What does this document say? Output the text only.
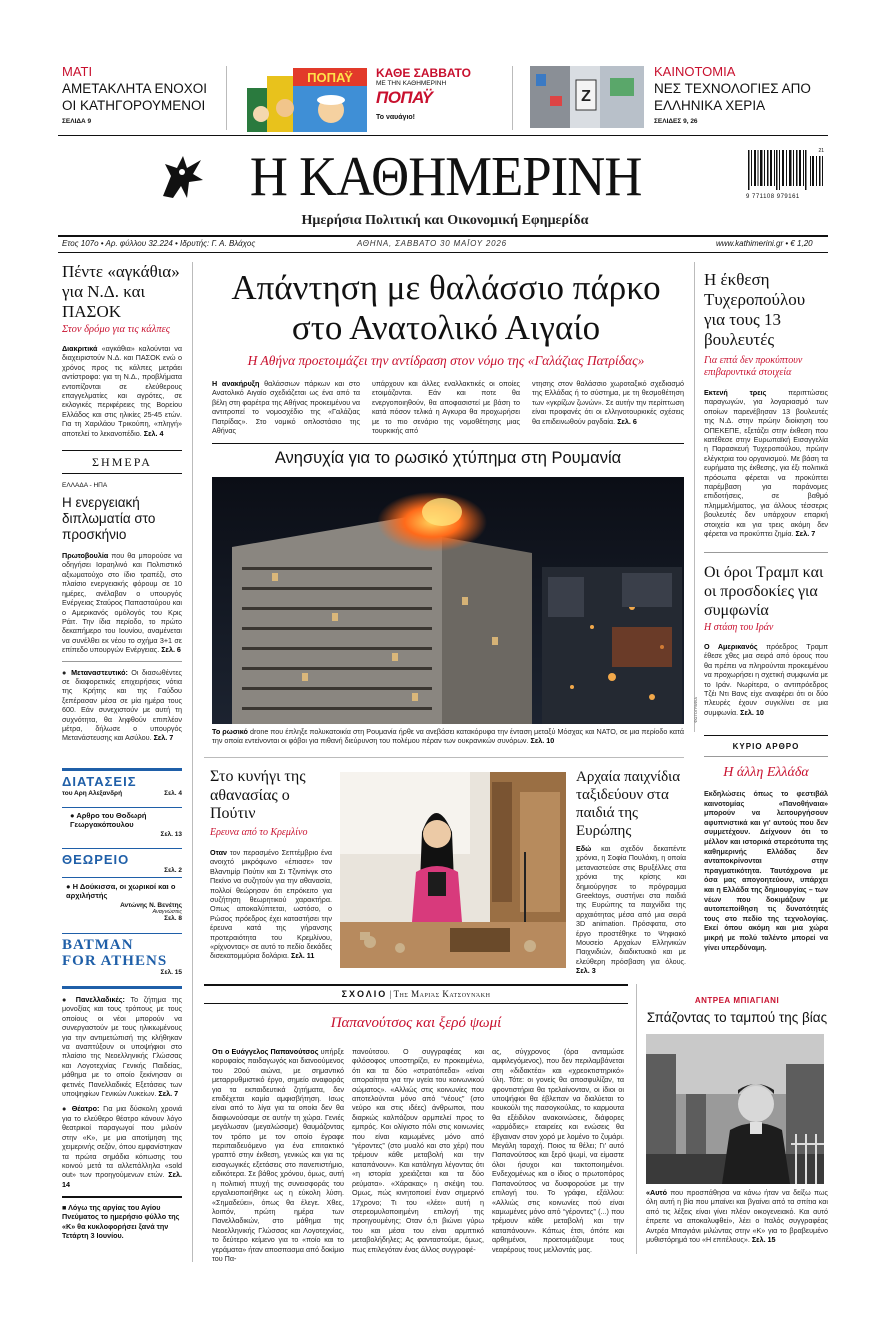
ΜΑΤΙ
ΑΜΕΤΑΚΛΗΤΑ ΕΝΟΧΟΙ ΟΙ ΚΑΤΗΓΟΡΟΥΜΕΝΟΙ
ΣΕΛΙΔΑ 9
ΠΟΠΑΫ ΚΑΘΕ ΣΑΒΒΑΤΟ
ΜΕ ΤΗΝ ΚΑΘΗΜΕΡΙΝΗ
ΠΟΠΑΫ
Το ναυάγιο!
Z
ΚΑΙΝΟΤΟΜΙΑ
ΝΕΣ ΤΕΧΝΟΛΟΓΙΕΣ ΑΠΟ ΕΛΛΗΝΙΚΑ ΧΕΡΙΑ
ΣΕΛΙΔΕΣ 9, 26
Η ΚΑΘΗΜΕΡΙΝΗ
Ημερήσια Πολιτική και Οικονομική Εφημερίδα
21
9 771108 979161
Ετος 107ο • Αρ. φύλλου 32.224 • Ιδρυτής: Γ. Α. Βλάχος	ΑΘΗΝΑ, ΣΑΒΒΑΤΟ 30 ΜΑΪΟΥ 2026	www.kathimerini.gr • € 1,20
Πέντε «αγκάθια» για Ν.Δ. και ΠΑΣΟΚ
Στον δρόμο για τις κάλπες
Διακριτικά «αγκάθια» καλούνται να διαχειριστούν Ν.Δ. και ΠΑΣΟΚ ενώ ο χρόνος προς τις κάλπες μετράει αντίστροφα: για τη Ν.Δ., προβλήματα εντοπίζονται σε ελεύθερους επαγγελματίες και αγρότες, σε εκλογικές περιφέρειες της Βορείου Ελλάδος και στις ηλικίες 25-45 ετών. Για τη Χαριλάου Τρικούπη, «πληγή» αποτελεί το λεκανοπέδιο. Σελ. 4
ΣΗΜΕΡΑ
ΕΛΛΑΔΑ - ΗΠΑ
Η ενεργειακή διπλωματία στο προσκήνιο
Πρωτοβουλία που θα μπορούσε να οδηγήσει Ισραηλινό και Πολιτιστικό αξιωματούχο στο ίδιο τραπέζι, στο πλαίσιο ενεργειακής φόρουμ σε 10 ημέρες, ανέλαβαν ο υπουργός Ενέργειας Σταύρος Παπασταύρου και ο Αμερικανός ομόλογός του Κρις Ράιτ. Την ίδια περίοδο, το πρώτο δεκαπήμερο του Ιουνίου, αναμένεται να συνέλθει εκ νέου το σχήμα 3+1 σε επίπεδο υπουργών Ενέργειας. Σελ. 6
● Μεταναστευτικό: Οι διασωθέντες σε διαφορετικές επιχειρήσεις νότια της Κρήτης και της Γαύδου ξεπέρασαν μέσα σε μία ημέρα τους 600. Εάν συνεχιστούν με αυτή τη συχνότητα, θα ληφθούν επιπλέον μέτρα, δήλωσε ο υπουργός Μετανάστευσης και Ασύλου. Σελ. 7
ΔΙΑΤΑΣΕΙΣ
του Αρη Αλεξανδρή	Σελ. 4
● Αρθρο του Θοδωρή Γεωργακόπουλου
Σελ. 13
ΘΕΩΡΕΙΟ
Σελ. 2
● Η Δούκισσα, οι χωρικοί και ο αρχιλήστής
Αντώνης Ν. Βενέτης
Αναγνώστες
Σελ. 8
BATMAN
FOR ATHENS
Σελ. 15
● Πανελλαδικές: Το ζήτημα της μονοξίας και τους τρόπους με τους οποίους οι νέοι μπορούν να συνεργαστούν με τους ηλικιωμένους για την αντιμετώπισή της κλήθηκαν να αναπτύξουν οι υποψήφιοι στο πλαίσιο της Νεοελληνικής Γλώσσας και Λογοτεχνίας Γενικής Παιδείας, μάθημα με το οποίο ξεκίνησαν οι φετινές Πανελλαδικές Εξετάσεις των υποψηφίων Γενικών Λυκείων. Σελ. 7
● Θέατρο: Για μια δύσκολη χρονιά για το ελεύθερο θέατρο κάνουν λόγο θεατρικοί παραγωγοί που μιλούν στην «Κ», με μια αποτίμηση της χειμερινής σεζόν, όπου εμφανίστηκαν τα πρώτα σημάδια κόπωσης του κοινού μετά τα αλλεπάλληλα «sold out» των προηγούμενων ετών. Σελ. 14
■ Λόγω της αργίας του Αγίου Πνεύματος το ημερήσιο φύλλο της «Κ» θα κυκλοφορήσει ξανά την Τετάρτη 3 Ιουνίου.
Απάντηση με θαλάσσιο πάρκο στο Ανατολικό Αιγαίο
Η Αθήνα προετοιμάζει την αντίδραση στον νόμο της «Γαλάζιας Πατρίδας»
Η ανακήρυξη θαλάσσιων πάρκων και στο Ανατολικό Αιγαίο σχεδιάζεται ως ένα από τα βέλη στη φαρέτρα της Αθήνας προκειμένου να αντιτροπεί το νομοσχέδιο της «Γαλάζιας Πατρίδας». Στο νομικό οπλοστάσιο της Αθήνας
υπάρχουν και άλλες εναλλακτικές οι οποίες ετοιμάζονται. Εάν και ποτε θα ενεργοποιηθούν, θα αποφασιστεί με βάση το κατά πόσον τελικά η Αγκυρα θα προχωρήσει με το πιο σενάριο της νομοθέτησης μιας τουρκικής από
ντησης στον θαλάσσιο χωροταξικό σχεδιασμό της Ελλάδας ή το σύστημα, με τη θεσμοθέτηση των «γκρίζων ζωνών». Σε αυτήν την περίπτωση είναι προφανές ότι οι ελληνοτουρκικές σχέσεις θα επιδεινωθούν ραγδαία. Σελ. 6
Ανησυχία για το ρωσικό χτύπημα στη Ρουμανία
ΦΩΤΟΓΡΑΦΙΑ
Το ρωσικό drone που έπληξε πολυκατοικία στη Ρουμανία ήρθε να ανεβάσει κατακόρυφα την ένταση μεταξύ Μόσχας και ΝΑΤΟ, σε μια περίοδο κατά την οποία εντείνονται οι φόβοι για πιθανή διεύρυνση του πολέμου πέραν των ουκρανικών συνόρων. Σελ. 10
Στο κυνήγι της αθανασίας ο Πούτιν
Ερευνα από το Κρεμλίνο
Οταν τον περασμένο Σεπτέμβριο ένα ανοιχτό μικρόφωνο «έπιασε» τον Βλαντιμίρ Πούτιν και Σι Τζινπίνγκ στο Πεκίνο να συζητούν για την αθανασία, πολλοί θεώρησαν ότι επρόκειτο για συζήτηση θεωρητικού χαρακτήρα. Οπως αποκαλύπτεται, ωστόσο, ο Ρώσος πρόεδρος έχει καταστήσει την έρευνα κατά της γήρανσης προτεραιότητα του Κρεμλίνου, «ρίχνοντας» σε αυτό το πεδίο δεκάδες δισεκατομμύρια δολάρια. Σελ. 11
Αρχαία παιχνίδια ταξιδεύουν στα παιδιά της Ευρώπης
Εδώ και σχεδόν δεκαπέντε χρόνια, η Σοφία Πουλάκη, η οποία μεταναστεύσε στις Βρυξέλλες στα χρόνια της κρίσης και δημιούργησε το πρόγραμμα Greektoys, συστήνει στα παιδιά της Ευρώπης τα παιχνίδια της αρχαιότητας μέσα από μια σειρά 3D animation. Πρόσφατα, στο έργο προστέθηκε το Ψηφιακό Μουσείο Αρχαίων Ελληνικών Παιχνιδιών, διαδικτυακό και με ελεύθερη πρόσβαση για όλους. Σελ. 3
Η έκθεση Τυχεροπούλου για τους 13 βουλευτές
Για επτά δεν προκύπτουν επιβαρυντικά στοιχεία
Εκτενή τρεις περιπτώσεις παραγωγών, για λογαριασμό των οποίων παρενέβησαν 13 βουλευτές της Ν.Δ. στην πρώην διοίκηση του ΟΠΕΚΕΠΕ, εξετάζει στην έκθεση που κατέθεσε στην Ευρωπαϊκή Εισαγγελία η Παρασκευή Τυχεροπούλου, πρώην ελέγκτρια του οργανισμού. Με βάση τα ευρήματα της έκθεσης, για έξι πολιτικά πρόσωπα φέρεται να προκύπτει παρέμβαση για παράνομες επιδοτήσεις, σε βαθμό πλημμελήματος, για άλλους τέσσερις βουλευτές δεν υπάρχουν επαρκή στοιχεία και για τρεις ακόμη δεν φέρεται να προκύπτει ζημία. Σελ. 7
Οι όροι Τραμπ και οι προσδοκίες για συμφωνία
Η στάση του Ιράν
Ο Αμερικανός πρόεδρος Τραμπ έθεσε χθες μια σειρά από όρους που θα πρέπει να πληρούνται προκειμένου να προχωρήσει η σχετική συμφωνία με το Ιράν. Νωρίτερα, ο αντιπρόεδρος Τζέι Ντι Βανς είχε αναφέρει ότι οι δύο πλευρές έχουν συγκλίνει σε μια συμφωνία. Σελ. 10
ΚΥΡΙΟ ΑΡΘΡΟ
Η άλλη Ελλάδα
Εκδηλώσεις όπως το φεστιβάλ καινοτομίας «Πανοθήναια» μπορούν να λειτουργήσουν αφυπνιστικά και γι' αυτούς που δεν συμμετέχουν. Δείχνουν ότι το μέλλον και ιστορικά στερεότυπα της καθημερινής Ελλάδας δεν ανταποκρίνονται στην πραγματικότητα. Ταυτόχρονα με όσα μας απογοητεύουν, υπάρχει και η Ελλάδα της δημιουργίας – των νέων που δοκιμάζουν με αυτοπεποίθηση τις δυνατότητές τους στο πεδίο της τεχνολογίας. Εκεί όπου ακόμη και μια χώρα μικρή με πολύ ταλέντο μπορεί να γίνει υπερδύναμη.
ΣΧΟΛΙΟ | Της Μαριάς Κατσουνάκη
Παπανούτσος και ξερό ψωμί
Οτι ο Ευάγγελος Παπανούτσος υπήρξε κορυφαίος παιδαγωγός και διανοούμενος του 20ού αιώνα, με σημαντικό μεταρρυθμιστικό έργο, σημείο αναφοράς για τα εκπαιδευτικά ζητήματα, δεν επιδέχεται καμία αμφισβήτηση. Ισως είναι από το λίγα για τα οποία δεν θα διαφωνούσαμε σε αυτήν τη χώρα. Γενιές μεγάλωσαν (μεγαλώσαμε) θαυμάζοντας τον τρόπο με τον οποίο έγραφε περιπαιδευόμενο για ένα επιτακτικό γραπτό στην έκθεση, γενικώς και για τις εισαγωγικές εξετάσεις στο πανεπιστήμιο, ειδικότερα. Σε βάθος χρόνου, όμως, αυτή η πολιτική πτυχή της συνεισφοράς του εργαλειοποιήθηκε ως η εύκολη λύση. «Σημαδεύει», όπως θα έλεγε. Χθες, λοιπόν, πρώτη ημέρα των Πανελλαδικών, στο μάθημα της Νεοελληνικής Γλώσσας και Λογοτεχνίας, το δεύτερο κείμενο για το «ποίο και το γεράματα» ήταν αποσπασμα από δοκίμιο του Πα-
πανούτσου. Ο συγγραφέας και φιλόσοφος υποστηρίζει, εν προκειμένω, ότι και τα δύο «στρατόπεδα» «είναι αποραίτητα για την υγεία του κοινωνικού σώματος». «Αλλιώς στις κοινωνίες που αποτελούνται μόνο από “νέους” (στο νεύρο και στις ιδέες) άνθρωποι, που διαρκώς καλπάζουν αρμπελεί προς το εμπρός. Κοι ολίγιστο πόλι στις κοινωνίες που είναι καμωμένες μόνο από “γέροντες” (στο μυαλό και στο χέρι) που τρέμουν κάθε μεταβολή και την καταπάνουν». Και κατάληγει λέγοντας ότι «η ιστορία χρειάζεται και τα δύο ρεύματα». «Χάρακας» η σκέψη του. Ομως, πώς κινητοποιεί έναν σημερινό 17χρονο; Τι του «λέει» αυτή η στερεομυλοποιημένη επιλογή της προηγουμένης; Οταν ό,τι βιώνει γύρω του και μέσα του είναι αρμπτικό μεταβολήδηλες; Ας φανταστούμε, όμως, πως επιλεγόταν ένας άλλος συγγραφέ-
ας, σύγχρονος (όρα ανταμώσε αμφιλεγόμενος), που δεν περιλαμβάνεται στη «διδακτέα» και «χρεοκτιστηρικό» ύλη. Τότε: οι γονείς θα αποσφυλίζαν, τα φροντιστήρια θα τρελαίνονταν, οι ίδιοι οι υποψήφιοι θα έβλεπαν να διαλύεται το κουκούλι της πασογκούλας, το καρμουτα θα εξέιδιλον ανακοινώσεις, διάφορες «αρμόδιες» εταιρείες και ενώσεις θα έβγαιναν στον χορό με λομένο το ζυμάρι. Μεγάλη ταραχή. Ποιος τα θέλει; Γι' αυτό Παπανούτσος και ξερό ψωμί, να είμαστε όλοι ήσυχοι και τακτοποιημένοι. Ενδεχομένως και ο ίδιος ο πρωτοπόρος Παπανούτσος να δυσφορούσε με την επιλογή του. Το γράφει, εξάλλου: «Αλλιώς στις κοινωνίες πού είναι καμωμένες μόνο από “γέροντες” (...) που τρέμουν κάθε μεταβολή και την καταπάνουν». Κάπως έτσι, όπότε και αρθημένοι, προετοιμάζουμε τους νεαρέρους τους μελλοντάς μας.
ΑΝΤΡΕΑ ΜΠΙΑΓΙΑΝΙ
Σπάζοντας το ταμπού της βίας
«Αυτό που προσπάθησα να κάνω ήταν να δείξω πως όλη αυτή η βία που μπαίνει και βγαίνει από τα σπίτια και από τις λέξεις είναι γίνει πλέον οικογενειακό. Και αυτό έπρεπε να αποκαλυφθεί», λέει ο Ιταλός συγγραφέας Αντρέα Μπαγιάνι μιλώντας στην «Κ» για το βραβευμένο μυθιστόρημά του «Η επιτέλους». Σελ. 15
